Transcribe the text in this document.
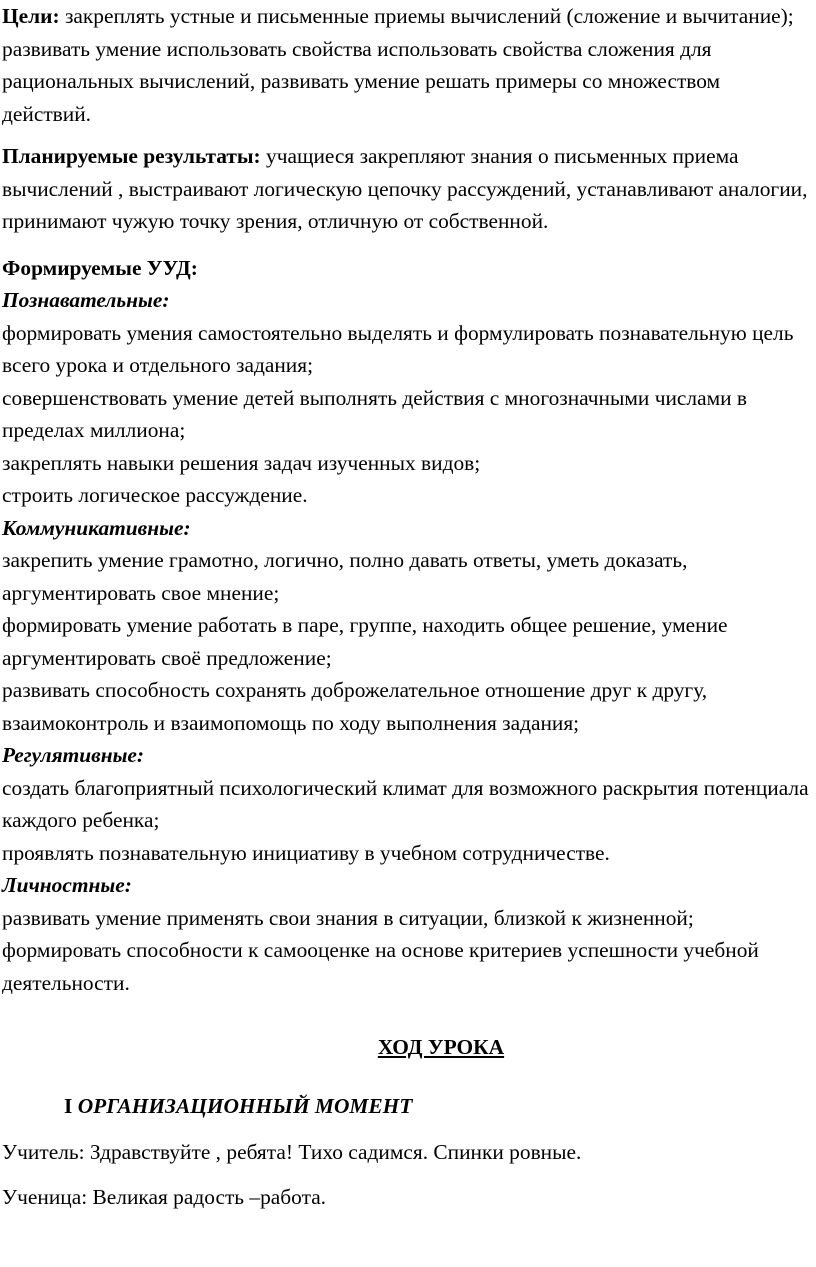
Цели: закреплять устные и письменные приемы вычислений (сложение и вычитание); развивать умение использовать свойства использовать свойства сложения для рациональных вычислений, развивать умение решать примеры со множеством действий.

Планируемые результаты: учащиеся закрепляют знания о письменных приема вычислений , выстраивают логическую цепочку рассуждений, устанавливают аналогии, принимают чужую точку зрения, отличную от собственной.

Формируемые УУД:

Познавательные:

формировать умения самостоятельно выделять и формулировать познавательную цель всего урока и отдельного задания;

совершенствовать умение детей выполнять действия с многозначными числами в пределах миллиона;

закреплять навыки решения задач изученных видов;

строить логическое рассуждение.

Коммуникативные:

закрепить умение грамотно, логично, полно давать ответы, уметь доказать, аргументировать свое мнение;

формировать умение работать в паре, группе, находить общее решение, умение аргументировать своё предложение;

развивать способность сохранять доброжелательное отношение друг к другу, взаимоконтроль и взаимопомощь по ходу выполнения задания;

Регулятивные:

создать благоприятный психологический климат для возможного раскрытия потенциала каждого ребенка;

проявлять познавательную инициативу в учебном сотрудничестве.

Личностные:

развивать умение применять свои знания в ситуации, близкой к жизненной; формировать способности к самооценке на основе критериев успешности учебной деятельности.

ХОД УРОКА

I ОРГАНИЗАЦИОННЫЙ МОМЕНТ

Учитель: Здравствуйте , ребята! Тихо садимся. Спинки ровные.

Ученица: Великая радость –работа.
